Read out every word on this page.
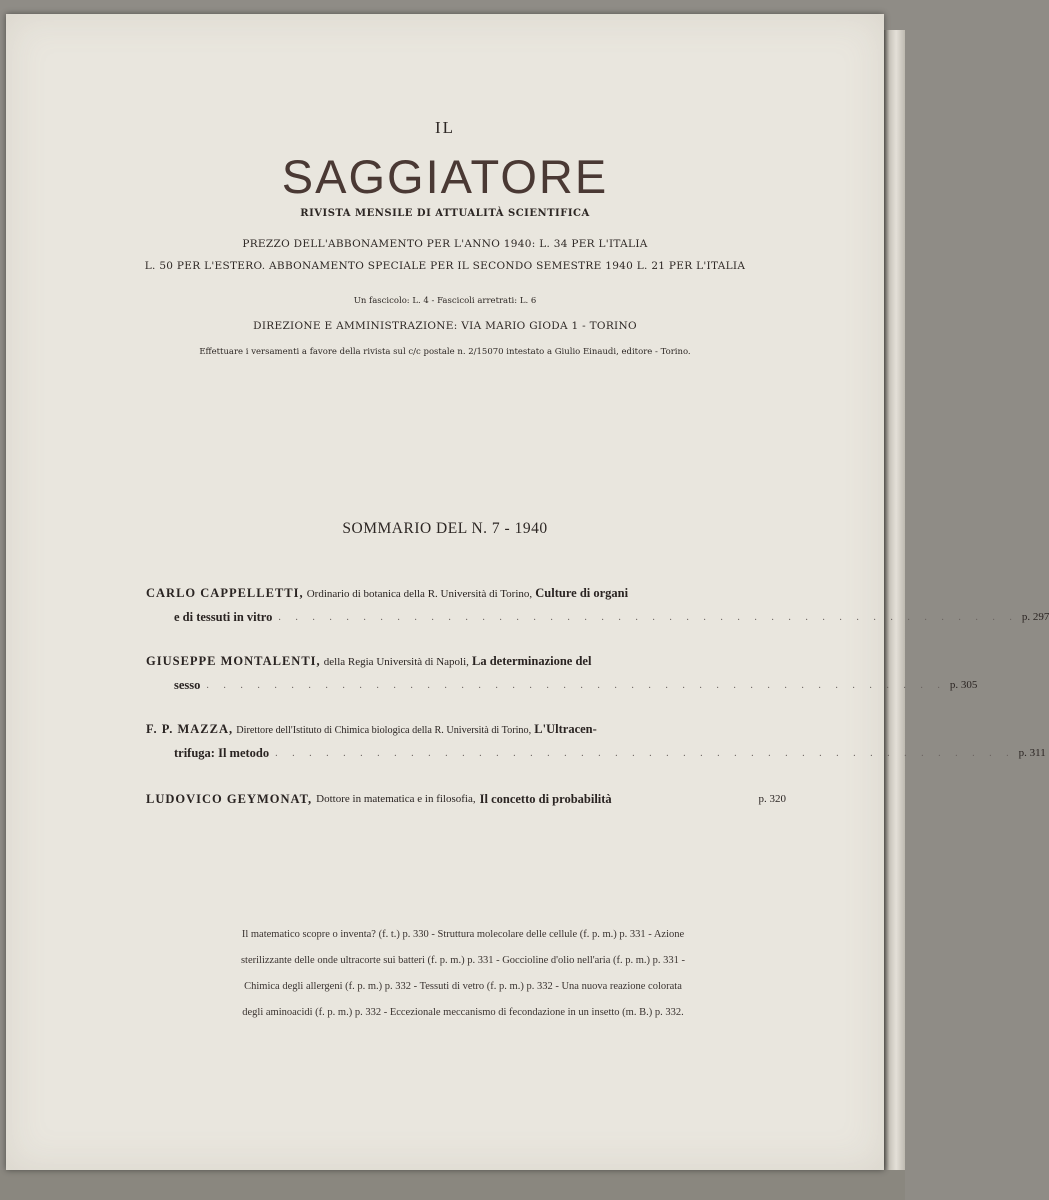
IL
SAGGIATORE
RIVISTA MENSILE DI ATTUALITÀ SCIENTIFICA
PREZZO DELL'ABBONAMENTO PER L'ANNO 1940: L. 34 PER L'ITALIA
L. 50 PER L'ESTERO. ABBONAMENTO SPECIALE PER IL SECONDO SEMESTRE 1940 L. 21 PER L'ITALIA
Un fascicolo: L. 4 - Fascicoli arretrati: L. 6
DIREZIONE E AMMINISTRAZIONE: VIA MARIO GIODA 1 - TORINO
Effettuare i versamenti a favore della rivista sul c/c postale n. 2/15070 intestato a Giulio Einaudi, editore - Torino.
SOMMARIO DEL N. 7 - 1940
CARLO CAPPELLETTI, Ordinario di botanica della R. Università di Torino, Culture di organi
e di tessuti in vitro . . . . . . . . . . . . . . . . . . . . . . . . . . . . . . . . . . . . . . . . . . . . p. 297
GIUSEPPE MONTALENTI, della Regia Università di Napoli, La determinazione del
sesso . . . . . . . . . . . . . . . . . . . . . . . . . . . . . . . . . . . . . . . . . . . . p. 305
F. P. MAZZA, Direttore dell'Istituto di Chimica biologica della R. Università di Torino, L'Ultracen-
trifuga: Il metodo . . . . . . . . . . . . . . . . . . . . . . . . . . . . . . . . . . . . . . . . . . . . p. 311
LUDOVICO GEYMONAT, Dottore in matematica e in filosofia, Il concetto di probabilità	p. 320
Il matematico scopre o inventa? (f. t.) p. 330 - Struttura molecolare delle cellule (f. p. m.) p. 331 - Azione
sterilizzante delle onde ultracorte sui batteri (f. p. m.) p. 331 - Goccioline d'olio nell'aria (f. p. m.) p. 331 -
Chimica degli allergeni (f. p. m.) p. 332 - Tessuti di vetro (f. p. m.) p. 332 - Una nuova reazione colorata
degli aminoacidi (f. p. m.) p. 332 - Eccezionale meccanismo di fecondazione in un insetto (m. B.) p. 332.
